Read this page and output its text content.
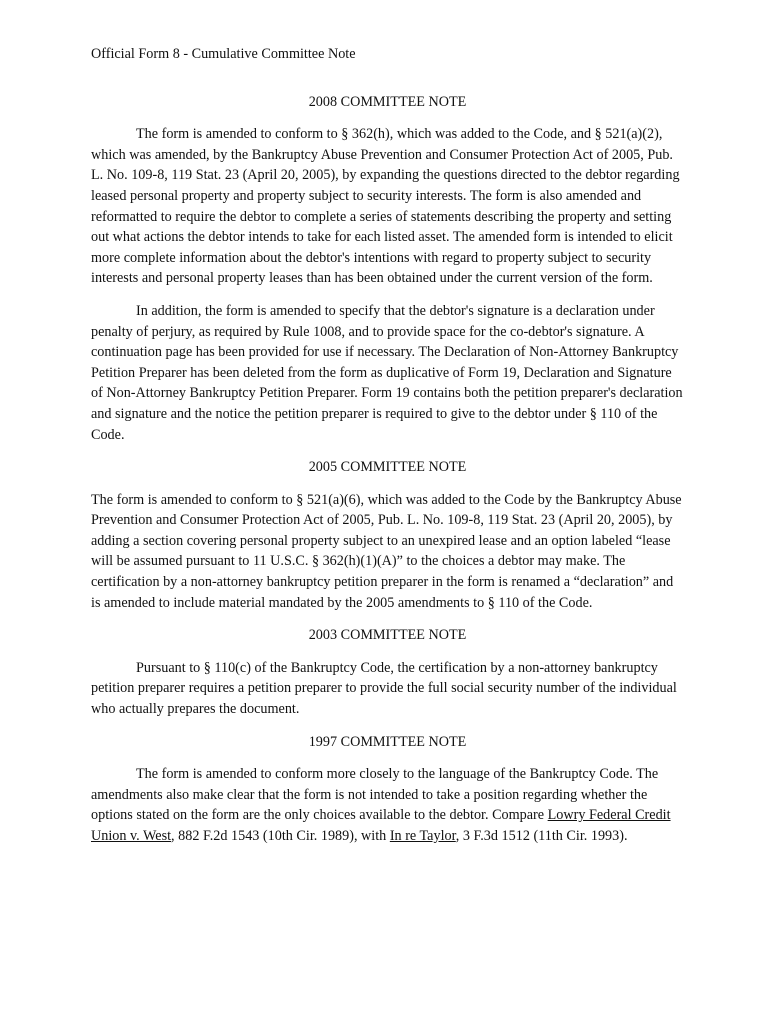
Official Form 8 - Cumulative Committee Note
2008 COMMITTEE NOTE

The form is amended to conform to § 362(h), which was added to the Code, and § 521(a)(2), which was amended, by the Bankruptcy Abuse Prevention and Consumer Protection Act of 2005, Pub. L. No. 109-8, 119 Stat. 23 (April 20, 2005), by expanding the questions directed to the debtor regarding leased personal property and property subject to security interests. The form is also amended and reformatted to require the debtor to complete a series of statements describing the property and setting out what actions the debtor intends to take for each listed asset. The amended form is intended to elicit more complete information about the debtor's intentions with regard to property subject to security interests and personal property leases than has been obtained under the current version of the form.

In addition, the form is amended to specify that the debtor's signature is a declaration under penalty of perjury, as required by Rule 1008, and to provide space for the co-debtor's signature. A continuation page has been provided for use if necessary. The Declaration of Non-Attorney Bankruptcy Petition Preparer has been deleted from the form as duplicative of Form 19, Declaration and Signature of Non-Attorney Bankruptcy Petition Preparer. Form 19 contains both the petition preparer's declaration and signature and the notice the petition preparer is required to give to the debtor under § 110 of the Code.

2005 COMMITTEE NOTE

The form is amended to conform to § 521(a)(6), which was added to the Code by the Bankruptcy Abuse Prevention and Consumer Protection Act of 2005, Pub. L. No. 109-8, 119 Stat. 23 (April 20, 2005), by adding a section covering personal property subject to an unexpired lease and an option labeled “lease will be assumed pursuant to 11 U.S.C. § 362(h)(1)(A)” to the choices a debtor may make. The certification by a non-attorney bankruptcy petition preparer in the form is renamed a “declaration” and is amended to include material mandated by the 2005 amendments to § 110 of the Code.

2003 COMMITTEE NOTE

Pursuant to § 110(c) of the Bankruptcy Code, the certification by a non-attorney bankruptcy petition preparer requires a petition preparer to provide the full social security number of the individual who actually prepares the document.

1997 COMMITTEE NOTE

The form is amended to conform more closely to the language of the Bankruptcy Code. The amendments also make clear that the form is not intended to take a position regarding whether the options stated on the form are the only choices available to the debtor. Compare Lowry Federal Credit Union v. West, 882 F.2d 1543 (10th Cir. 1989), with In re Taylor, 3 F.3d 1512 (11th Cir. 1993).
